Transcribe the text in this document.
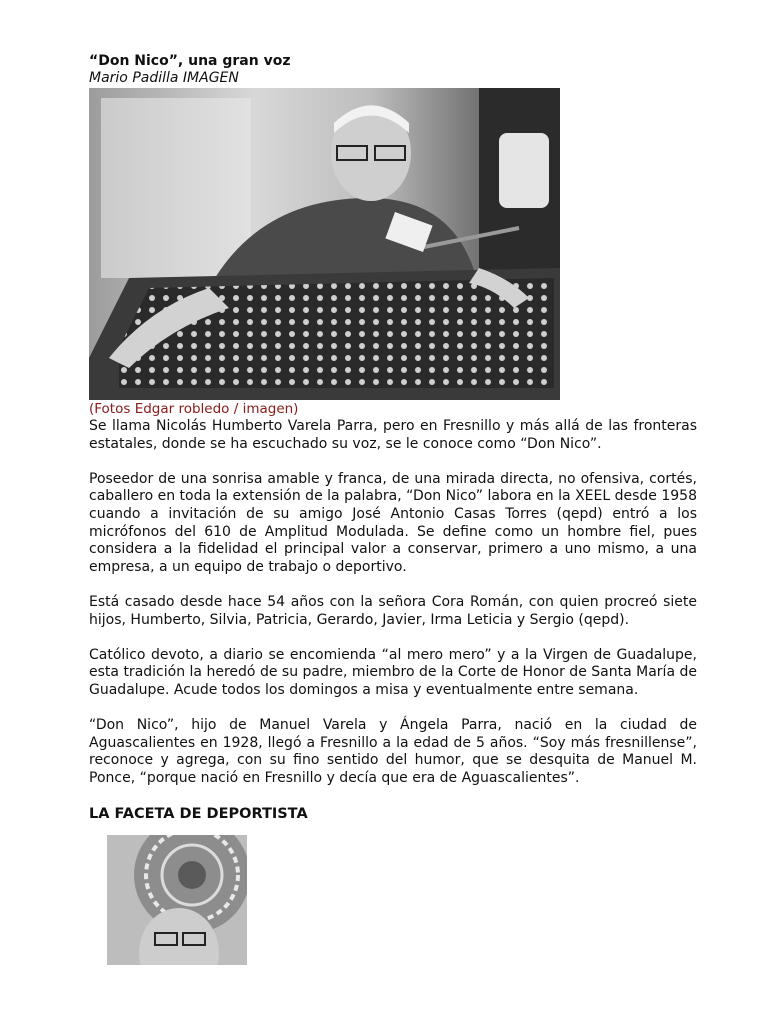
“Don Nico”, una gran voz

Mario Padilla IMAGEN

(Fotos Edgar robledo / imagen)

Se llama Nicolás Humberto Varela Parra, pero en Fresnillo y más allá de las fronteras estatales, donde se ha escuchado su voz, se le conoce como “Don Nico”.

Poseedor de una sonrisa amable y franca, de una mirada directa, no ofensiva, cortés, caballero en toda la extensión de la palabra, “Don Nico” labora en la XEEL desde 1958 cuando a invitación de su amigo José Antonio Casas Torres (qepd) entró a los micrófonos del 610 de Amplitud Modulada. Se define como un hombre fiel, pues considera a la fidelidad el principal valor a conservar, primero a uno mismo, a una empresa, a un equipo de trabajo o deportivo.

Está casado desde hace 54 años con la señora Cora Román, con quien procreó siete hijos, Humberto, Silvia, Patricia, Gerardo, Javier, Irma Leticia y Sergio (qepd).

Católico devoto, a diario se encomienda “al mero mero” y a la Virgen de Guadalupe, esta tradición la heredó de su padre, miembro de la Corte de Honor de Santa María de Guadalupe. Acude todos los domingos a misa y eventualmente entre semana.

“Don Nico”, hijo de Manuel Varela y Ángela Parra, nació en la ciudad de Aguascalientes en 1928, llegó a Fresnillo a la edad de 5 años. “Soy más fresnillense”, reconoce y agrega, con su fino sentido del humor, que se desquita de Manuel M. Ponce, “porque nació en Fresnillo y decía que era de Aguascalientes”.

LA FACETA DE DEPORTISTA
